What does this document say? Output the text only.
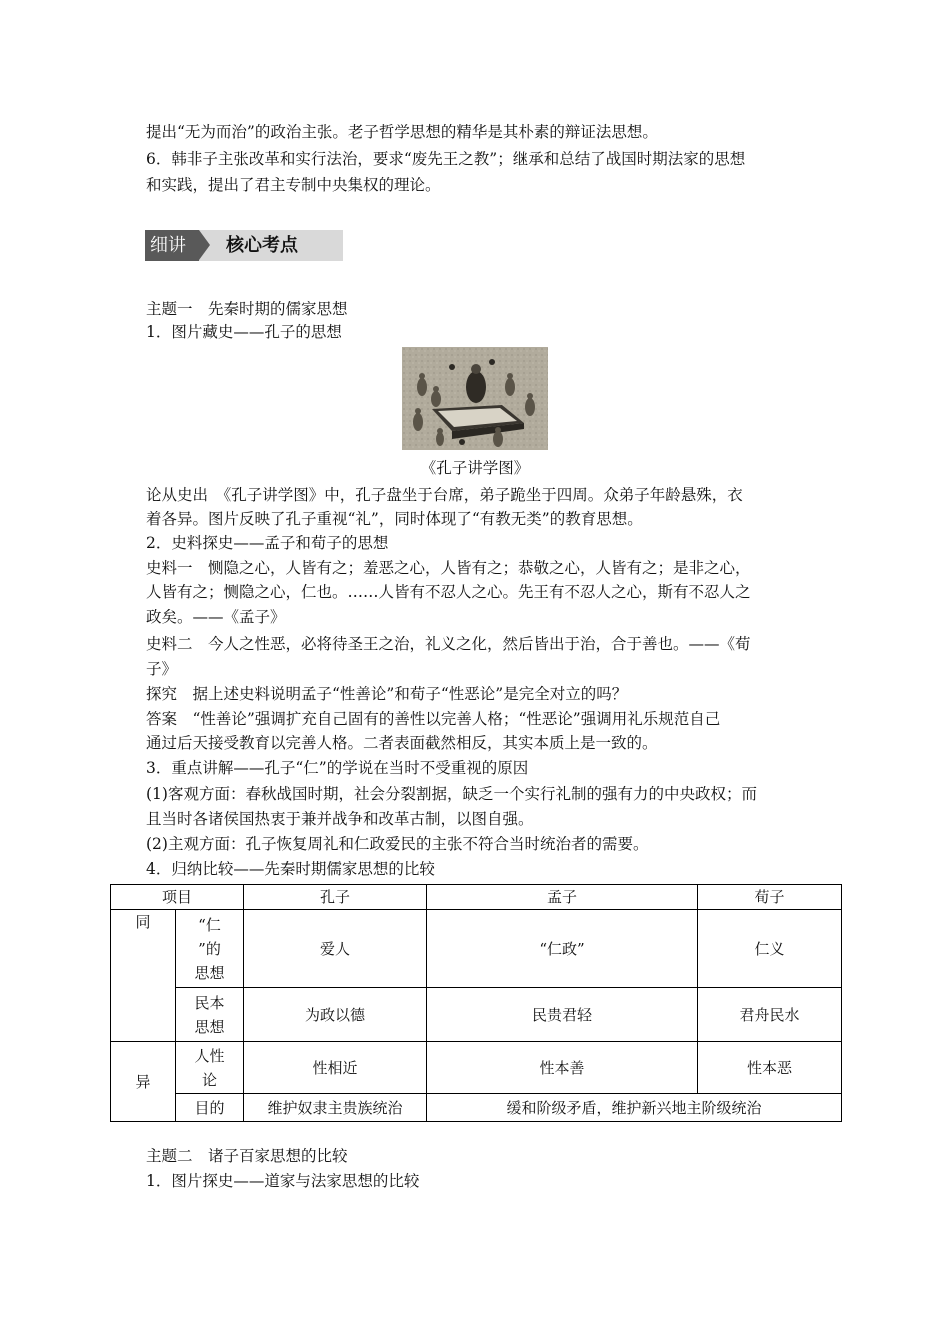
提出“无为而治”的政治主张。老子哲学思想的精华是其朴素的辩证法思想。
6．韩非子主张改革和实行法治，要求“废先王之教”；继承和总结了战国时期法家的思想
和实践，提出了君主专制中央集权的理论。
细讲	核心考点
主题一　先秦时期的儒家思想
1．图片藏史——孔子的思想
《孔子讲学图》
论从史出　《孔子讲学图》中，孔子盘坐于台席，弟子跪坐于四周。众弟子年龄悬殊，衣
着各异。图片反映了孔子重视“礼”，同时体现了“有教无类”的教育思想。
2．史料探史——孟子和荀子的思想
史料一　恻隐之心，人皆有之；羞恶之心，人皆有之；恭敬之心，人皆有之；是非之心，
人皆有之；恻隐之心，仁也。……人皆有不忍人之心。先王有不忍人之心，斯有不忍人之
政矣。——《孟子》
史料二　今人之性恶，必将待圣王之治，礼义之化，然后皆出于治，合于善也。——《荀
子》
探究　据上述史料说明孟子“性善论”和荀子“性恶论”是完全对立的吗？
答案　“性善论”强调扩充自己固有的善性以完善人格；“性恶论”强调用礼乐规范自己
通过后天接受教育以完善人格。二者表面截然相反，其实本质上是一致的。
3．重点讲解——孔子“仁”的学说在当时不受重视的原因
(1)客观方面：春秋战国时期，社会分裂割据，缺乏一个实行礼制的强有力的中央政权；而
且当时各诸侯国热衷于兼并战争和改革古制，以图自强。
(2)主观方面：孔子恢复周礼和仁政爱民的主张不符合当时统治者的需要。
4．归纳比较——先秦时期儒家思想的比较
项目		孔子	孟子	荀子
同	“仁
”的
思想	爱人	“仁政”	仁义

	民本
思想	为政以德	民贵君轻	君舟民水
异	人性
论	性相近	性本善	性本恶

	目的	维护奴隶主贵族统治	缓和阶级矛盾，维护新兴地主阶级统治	
主题二　诸子百家思想的比较
1．图片探史——道家与法家思想的比较
